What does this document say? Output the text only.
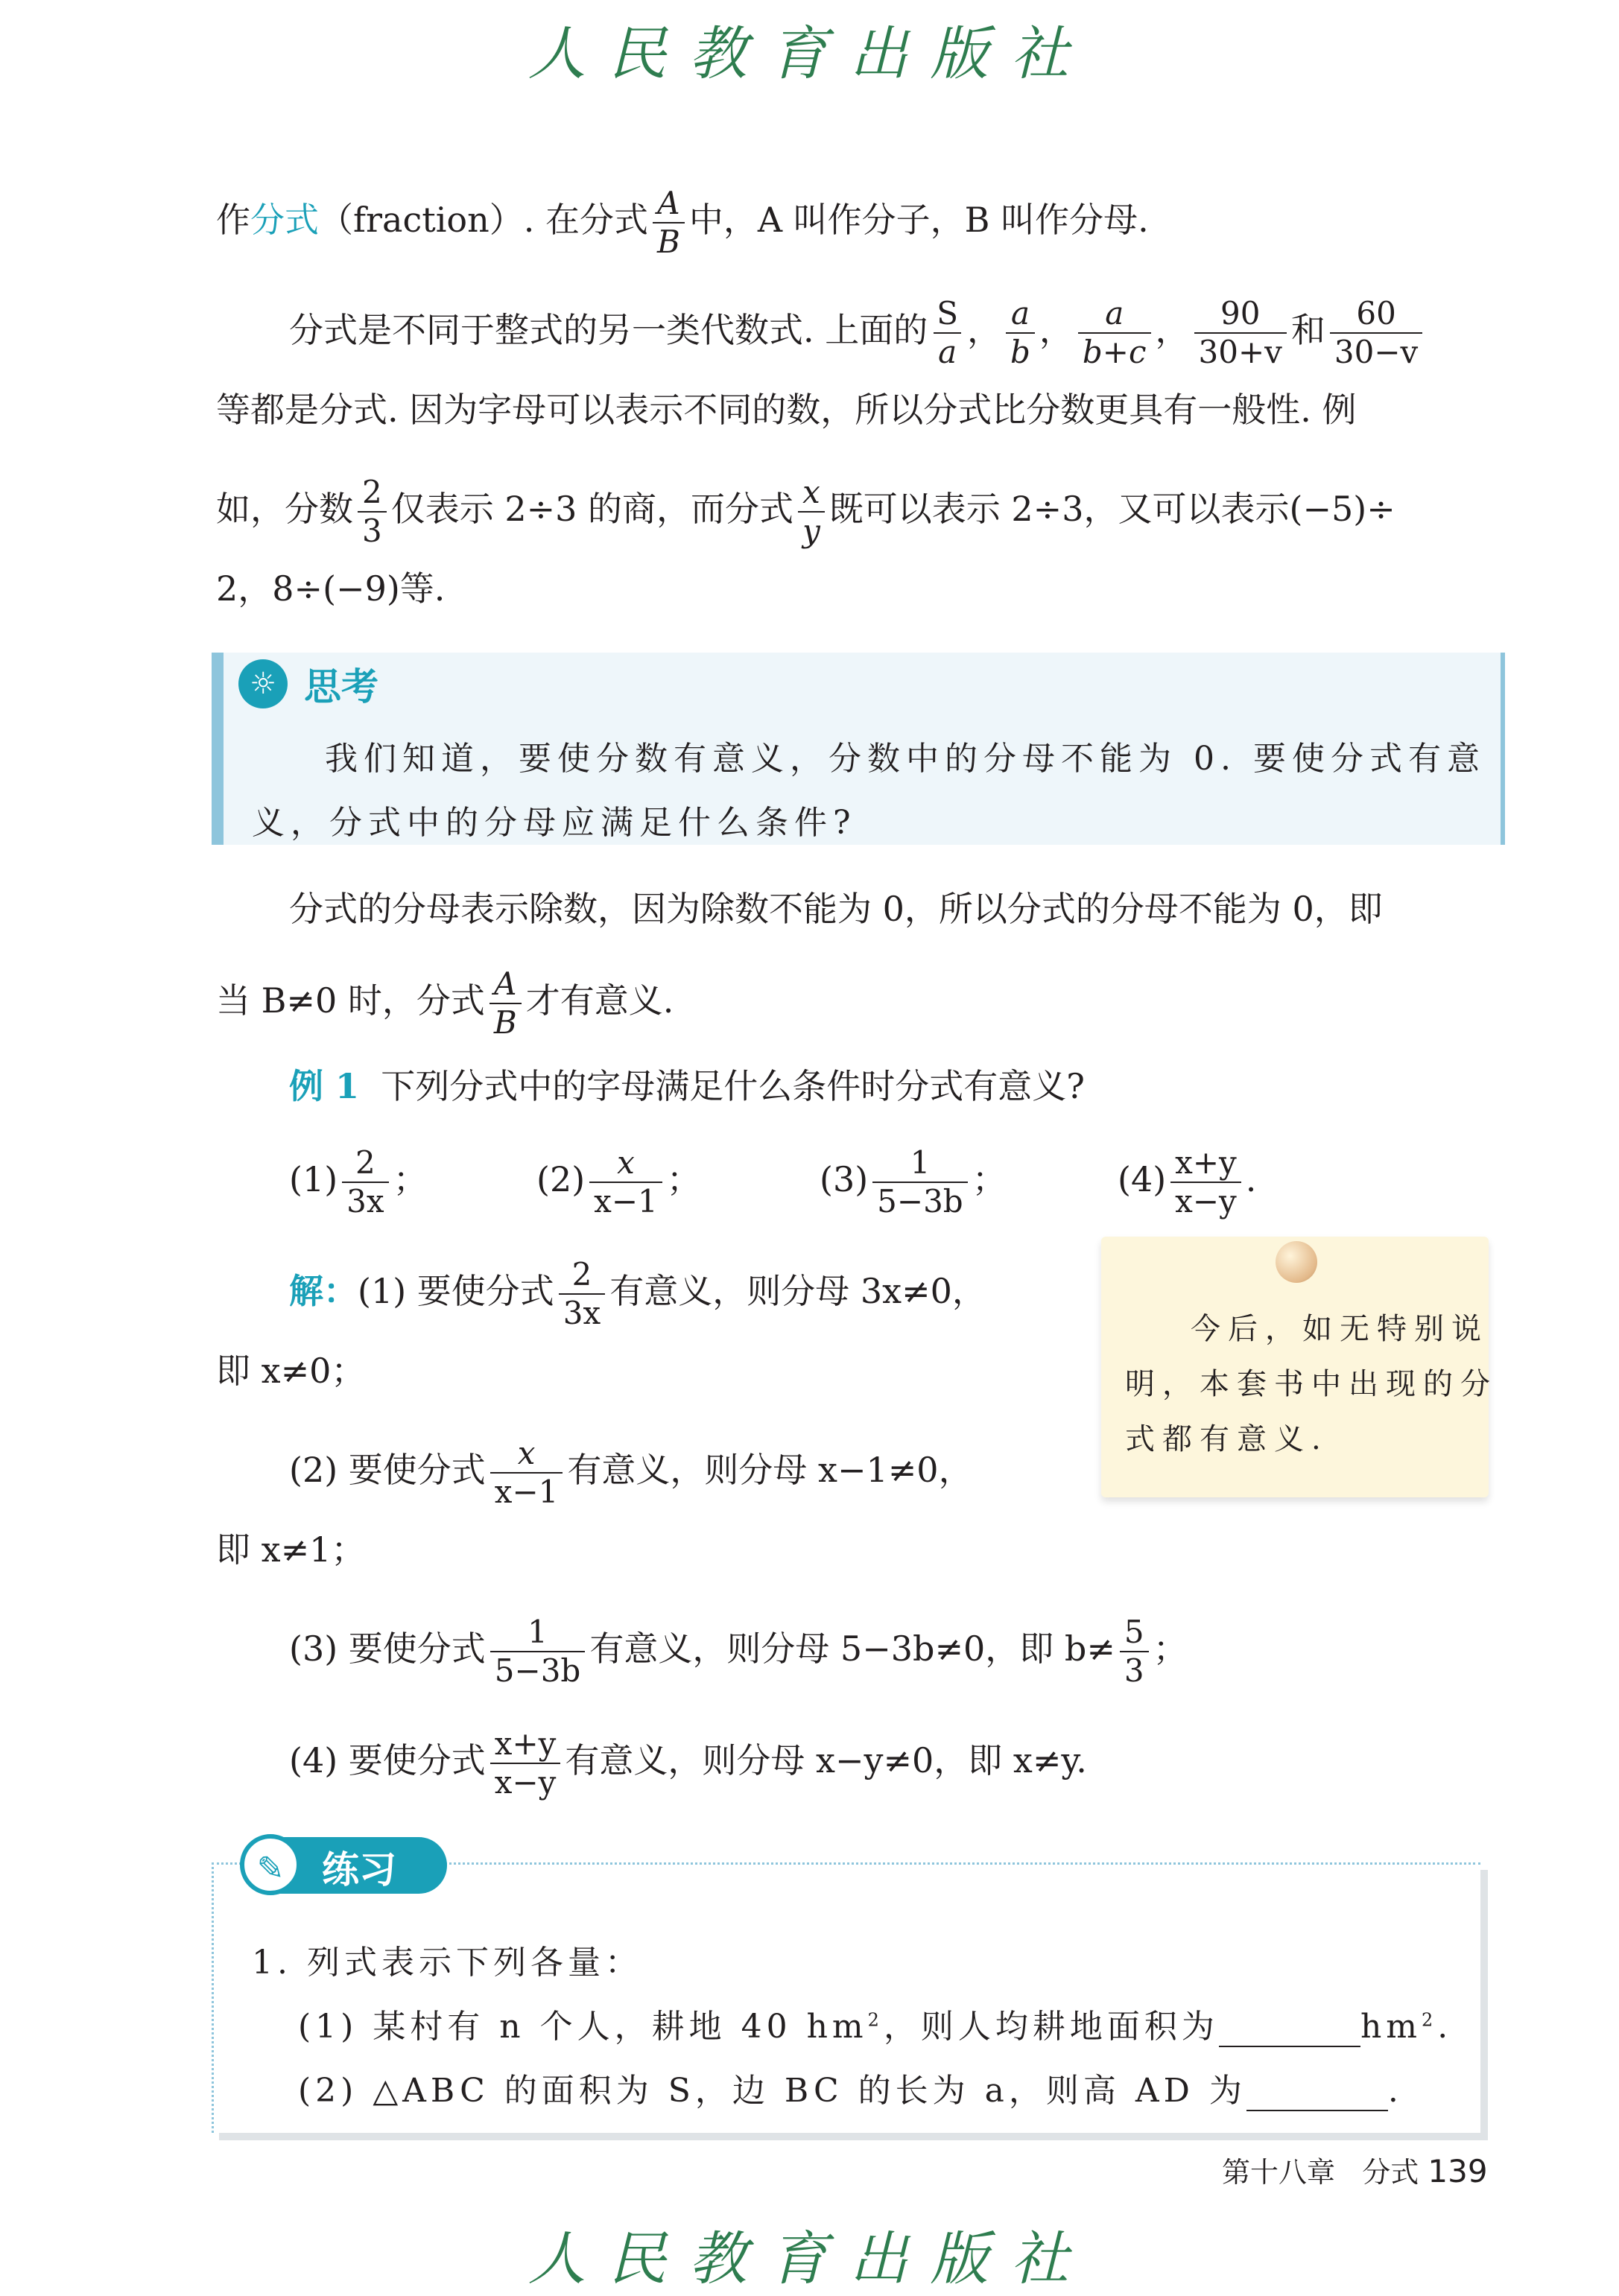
人民教育出版社
作分式（fraction）. 在分式 $\frac{A}{B}$ 中，A 叫作分子，B 叫作分母.
分式是不同于整式的另一类代数式. 上面的 $\frac{S}{a}$ ， $\frac{a}{b}$ ， $\frac{a}{b+c}$ ， $\frac{90}{30+v}$ 和 $\frac{60}{30-v}$
等都是分式. 因为字母可以表示不同的数，所以分式比分数更具有一般性. 例
如，分数 $\frac{2}{3}$ 仅表示 2÷3 的商，而分式 $\frac{x}{y}$ 既可以表示 2÷3，又可以表示(−5)÷
2，8÷(−9)等.
☼ 思考
我们知道，要使分数有意义，分数中的分母不能为 0. 要使分式有意
义，分式中的分母应满足什么条件?
分式的分母表示除数，因为除数不能为 0，所以分式的分母不能为 0，即
当 B≠0 时，分式 $\frac{A}{B}$ 才有意义.
例 1 下列分式中的字母满足什么条件时分式有意义?
$(1) \frac{2}{3x}$ ；	$(2) \frac{x}{x-1}$ ；	$(3) \frac{1}{5-3b}$ ；	$(4) \frac{x+y}{x-y}$ .
解：(1) 要使分式 $\frac{2}{3x}$ 有意义，则分母 3x≠0，
即 x≠0；
(2) 要使分式 $\frac{x}{x-1}$ 有意义，则分母 x−1≠0，
即 x≠1；
(3) 要使分式 $\frac{1}{5-3b}$ 有意义，则分母 5−3b≠0，即 $b\ne \frac{5}{3}$ ；
(4) 要使分式 $\frac{x+y}{x-y}$ 有意义，则分母 x−y≠0，即 x≠y.
今后，如无特别说
明，本套书中出现的分
式都有意义.
✎	练习
1. 列式表示下列各量：
(1) 某村有 n 个人，耕地 40 $hm^2$，则人均耕地面积为	$hm^2$.
(2) △ABC 的面积为 S，边 BC 的长为 a，则高 AD 为	.
第十八章 分式 139
人民教育出版社
